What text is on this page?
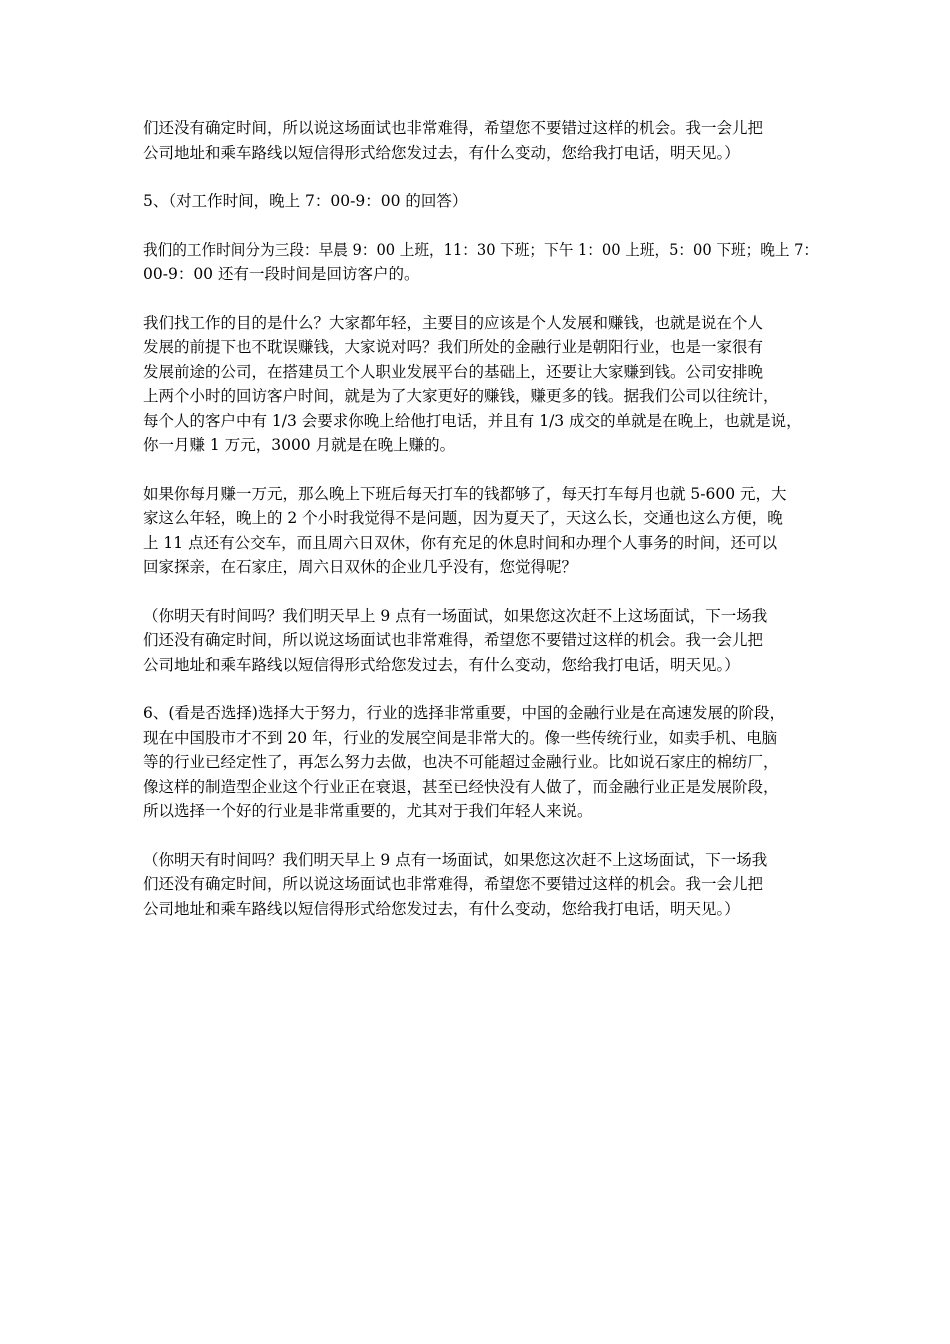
们还没有确定时间，所以说这场面试也非常难得，希望您不要错过这样的机会。我一会儿把
公司地址和乘车路线以短信得形式给您发过去，有什么变动，您给我打电话，明天见。）

5、（对工作时间，晚上 7：00-9：00 的回答）

我们的工作时间分为三段：早晨 9：00 上班，11：30 下班；下午 1：00 上班，5：00 下班；晚上 7：
00-9：00 还有一段时间是回访客户的。

我们找工作的目的是什么？大家都年轻，主要目的应该是个人发展和赚钱，也就是说在个人
发展的前提下也不耽误赚钱，大家说对吗？我们所处的金融行业是朝阳行业，也是一家很有
发展前途的公司，在搭建员工个人职业发展平台的基础上，还要让大家赚到钱。公司安排晚
上两个小时的回访客户时间，就是为了大家更好的赚钱，赚更多的钱。据我们公司以往统计，
每个人的客户中有 1/3 会要求你晚上给他打电话，并且有 1/3 成交的单就是在晚上，也就是说，
你一月赚 1 万元，3000 月就是在晚上赚的。

如果你每月赚一万元，那么晚上下班后每天打车的钱都够了，每天打车每月也就 5-600 元，大
家这么年轻，晚上的 2 个小时我觉得不是问题，因为夏天了，天这么长，交通也这么方便，晚
上 11 点还有公交车，而且周六日双休，你有充足的休息时间和办理个人事务的时间，还可以
回家探亲，在石家庄，周六日双休的企业几乎没有，您觉得呢？

（你明天有时间吗？我们明天早上 9 点有一场面试，如果您这次赶不上这场面试，下一场我
们还没有确定时间，所以说这场面试也非常难得，希望您不要错过这样的机会。我一会儿把
公司地址和乘车路线以短信得形式给您发过去，有什么变动，您给我打电话，明天见。）

6、(看是否选择)选择大于努力，行业的选择非常重要，中国的金融行业是在高速发展的阶段，
现在中国股市才不到 20 年，行业的发展空间是非常大的。像一些传统行业，如卖手机、电脑
等的行业已经定性了，再怎么努力去做，也决不可能超过金融行业。比如说石家庄的棉纺厂，
像这样的制造型企业这个行业正在衰退，甚至已经快没有人做了，而金融行业正是发展阶段，
所以选择一个好的行业是非常重要的，尤其对于我们年轻人来说。

（你明天有时间吗？我们明天早上 9 点有一场面试，如果您这次赶不上这场面试，下一场我
们还没有确定时间，所以说这场面试也非常难得，希望您不要错过这样的机会。我一会儿把
公司地址和乘车路线以短信得形式给您发过去，有什么变动，您给我打电话，明天见。）
